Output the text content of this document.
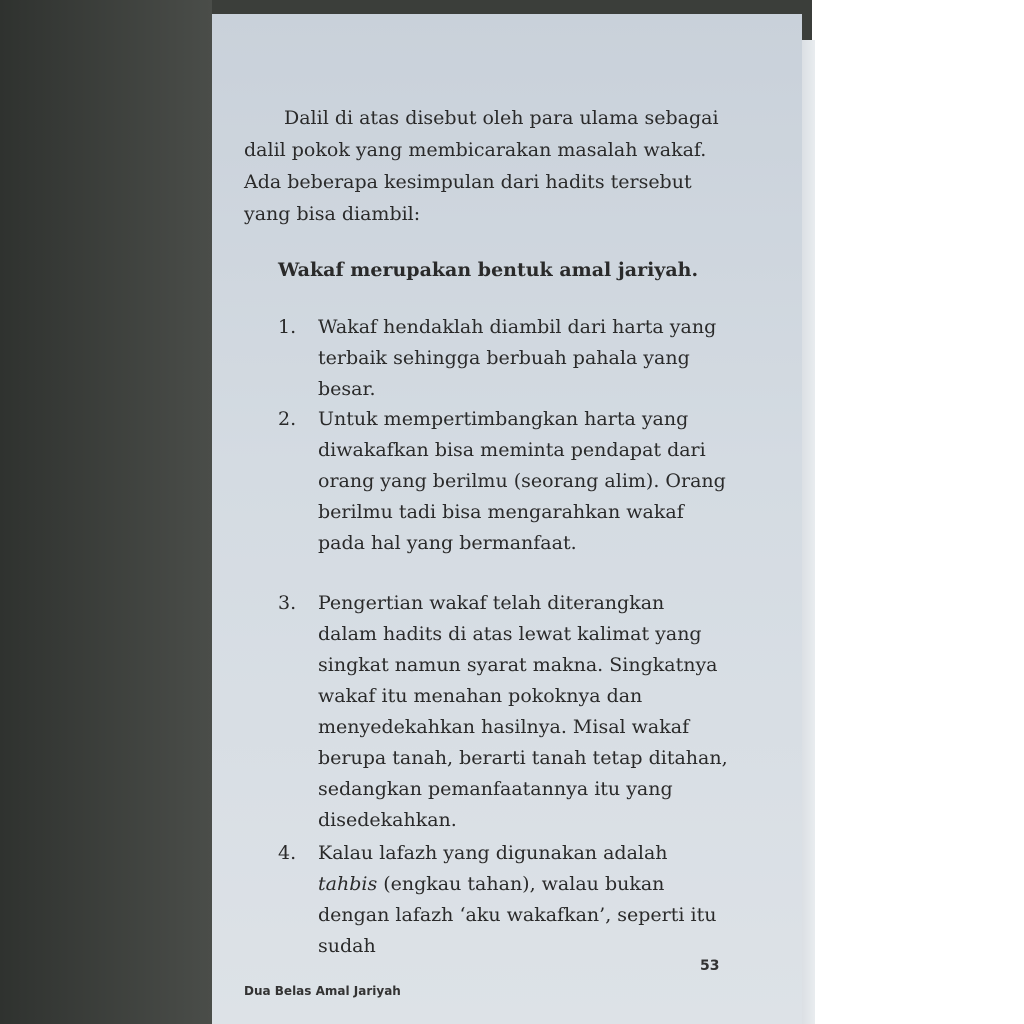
Dalil di atas disebut oleh para ulama sebagai dalil pokok yang membicarakan masalah wakaf. Ada beberapa kesimpulan dari hadits tersebut yang bisa diambil:

Wakaf merupakan bentuk amal jariyah.

1.	Wakaf hendaklah diambil dari harta yang terbaik sehingga berbuah pahala yang besar.
2.	Untuk mempertimbangkan harta yang diwakafkan bisa meminta pendapat dari orang yang berilmu (seorang alim). Orang berilmu tadi bisa mengarahkan wakaf pada hal yang bermanfaat.
3.	Pengertian wakaf telah diterangkan dalam hadits di atas lewat kalimat yang singkat namun syarat makna. Singkatnya wakaf itu menahan pokoknya dan menyedekahkan hasilnya. Misal wakaf berupa tanah, berarti tanah tetap ditahan, sedangkan pemanfaatannya itu yang disedekahkan.
4.	Kalau lafazh yang digunakan adalah tahbis (engkau tahan), walau bukan dengan lafazh ‘aku wakafkan’, seperti itu sudah
Dua Belas Amal Jariyah
53
